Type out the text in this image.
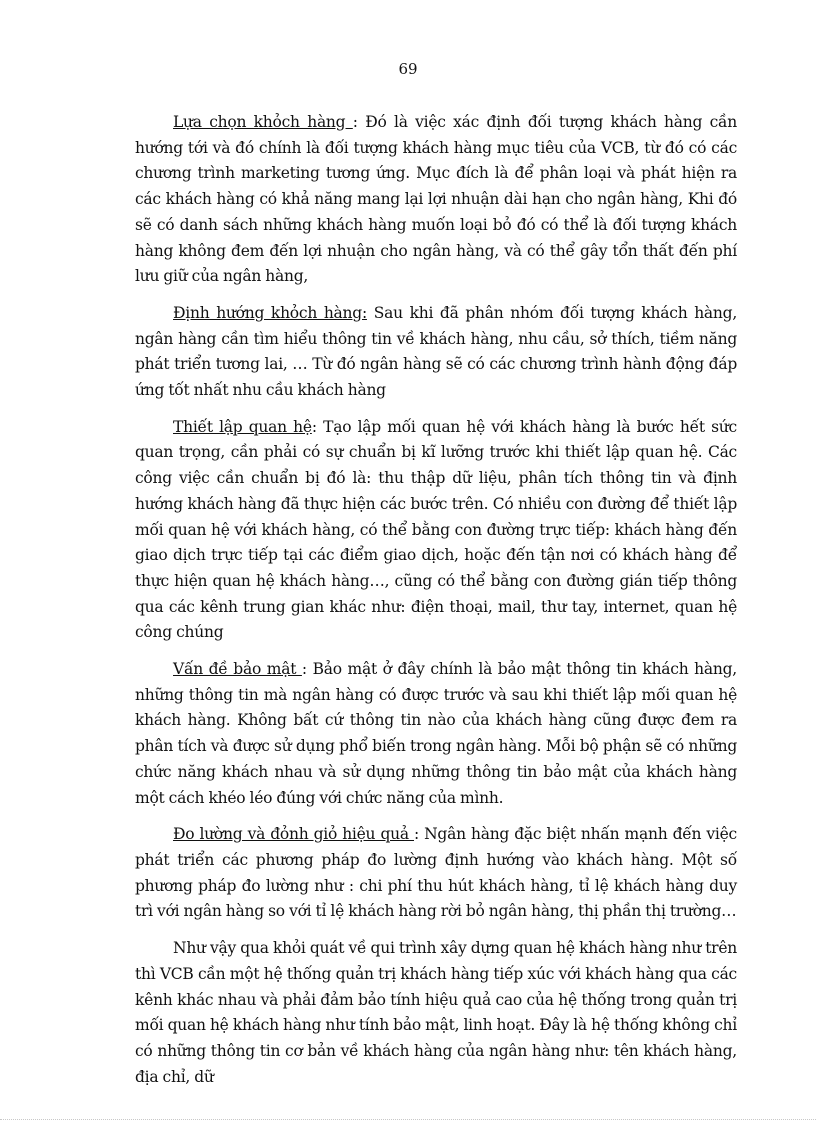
69

Lựa chọn khỏch hàng : Đó là việc xác định đối tượng khách hàng cần hướng tới và đó chính là đối tượng khách hàng mục tiêu của VCB, từ đó có các chương trình marketing tương ứng. Mục đích là để phân loại và phát hiện ra các khách hàng có khả năng mang lại lợi nhuận dài hạn cho ngân hàng, Khi đó sẽ có danh sách những khách hàng muốn loại bỏ đó có thể là đối tượng khách hàng không đem đến lợi nhuận cho ngân hàng, và có thể gây tổn thất đến phí lưu giữ của ngân hàng,

Định hướng khỏch hàng: Sau khi đã phân nhóm đối tượng khách hàng, ngân hàng cần tìm hiểu thông tin về khách hàng, nhu cầu, sở thích, tiềm năng phát triển tương lai, … Từ đó ngân hàng sẽ có các chương trình hành động đáp ứng tốt nhất nhu cầu khách hàng

Thiết lập quan hệ: Tạo lập mối quan hệ với khách hàng là bước hết sức quan trọng, cần phải có sự chuẩn bị kĩ lưỡng trước khi thiết lập quan hệ. Các công việc cần chuẩn bị đó là: thu thập dữ liệu, phân tích thông tin và định hướng khách hàng đã thực hiện các bước trên. Có nhiều con đường để thiết lập mối quan hệ với khách hàng, có thể bằng con đường trực tiếp: khách hàng đến giao dịch trực tiếp tại các điểm giao dịch, hoặc đến tận nơi có khách hàng để thực hiện quan hệ khách hàng…, cũng có thể bằng con đường gián tiếp thông qua các kênh trung gian khác như: điện thoại, mail, thư tay, internet, quan hệ công chúng

Vấn đề bảo mật : Bảo mật ở đây chính là bảo mật thông tin khách hàng, những thông tin mà ngân hàng có được trước và sau khi thiết lập mối quan hệ khách hàng. Không bất cứ thông tin nào của khách hàng cũng được đem ra phân tích và được sử dụng phổ biến trong ngân hàng. Mỗi bộ phận sẽ có những chức năng khách nhau và sử dụng những thông tin bảo mật của khách hàng một cách khéo léo đúng với chức năng của mình.

Đo lường và đỏnh giỏ hiệu quả : Ngân hàng đặc biệt nhấn mạnh đến việc phát triển các phương pháp đo lường định hướng vào khách hàng. Một số phương pháp đo lường như : chi phí thu hút khách hàng, tỉ lệ khách hàng duy trì với ngân hàng so với tỉ lệ khách hàng rời bỏ ngân hàng, thị phần thị trường…

Như vậy qua khỏi quát về qui trình xây dựng quan hệ khách hàng như trên thì VCB cần một hệ thống quản trị khách hàng tiếp xúc với khách hàng qua các kênh khác nhau và phải đảm bảo tính hiệu quả cao của hệ thống trong quản trị mối quan hệ khách hàng như tính bảo mật, linh hoạt. Đây là hệ thống không chỉ có những thông tin cơ bản về khách hàng của ngân hàng như: tên khách hàng, địa chỉ, dữ
